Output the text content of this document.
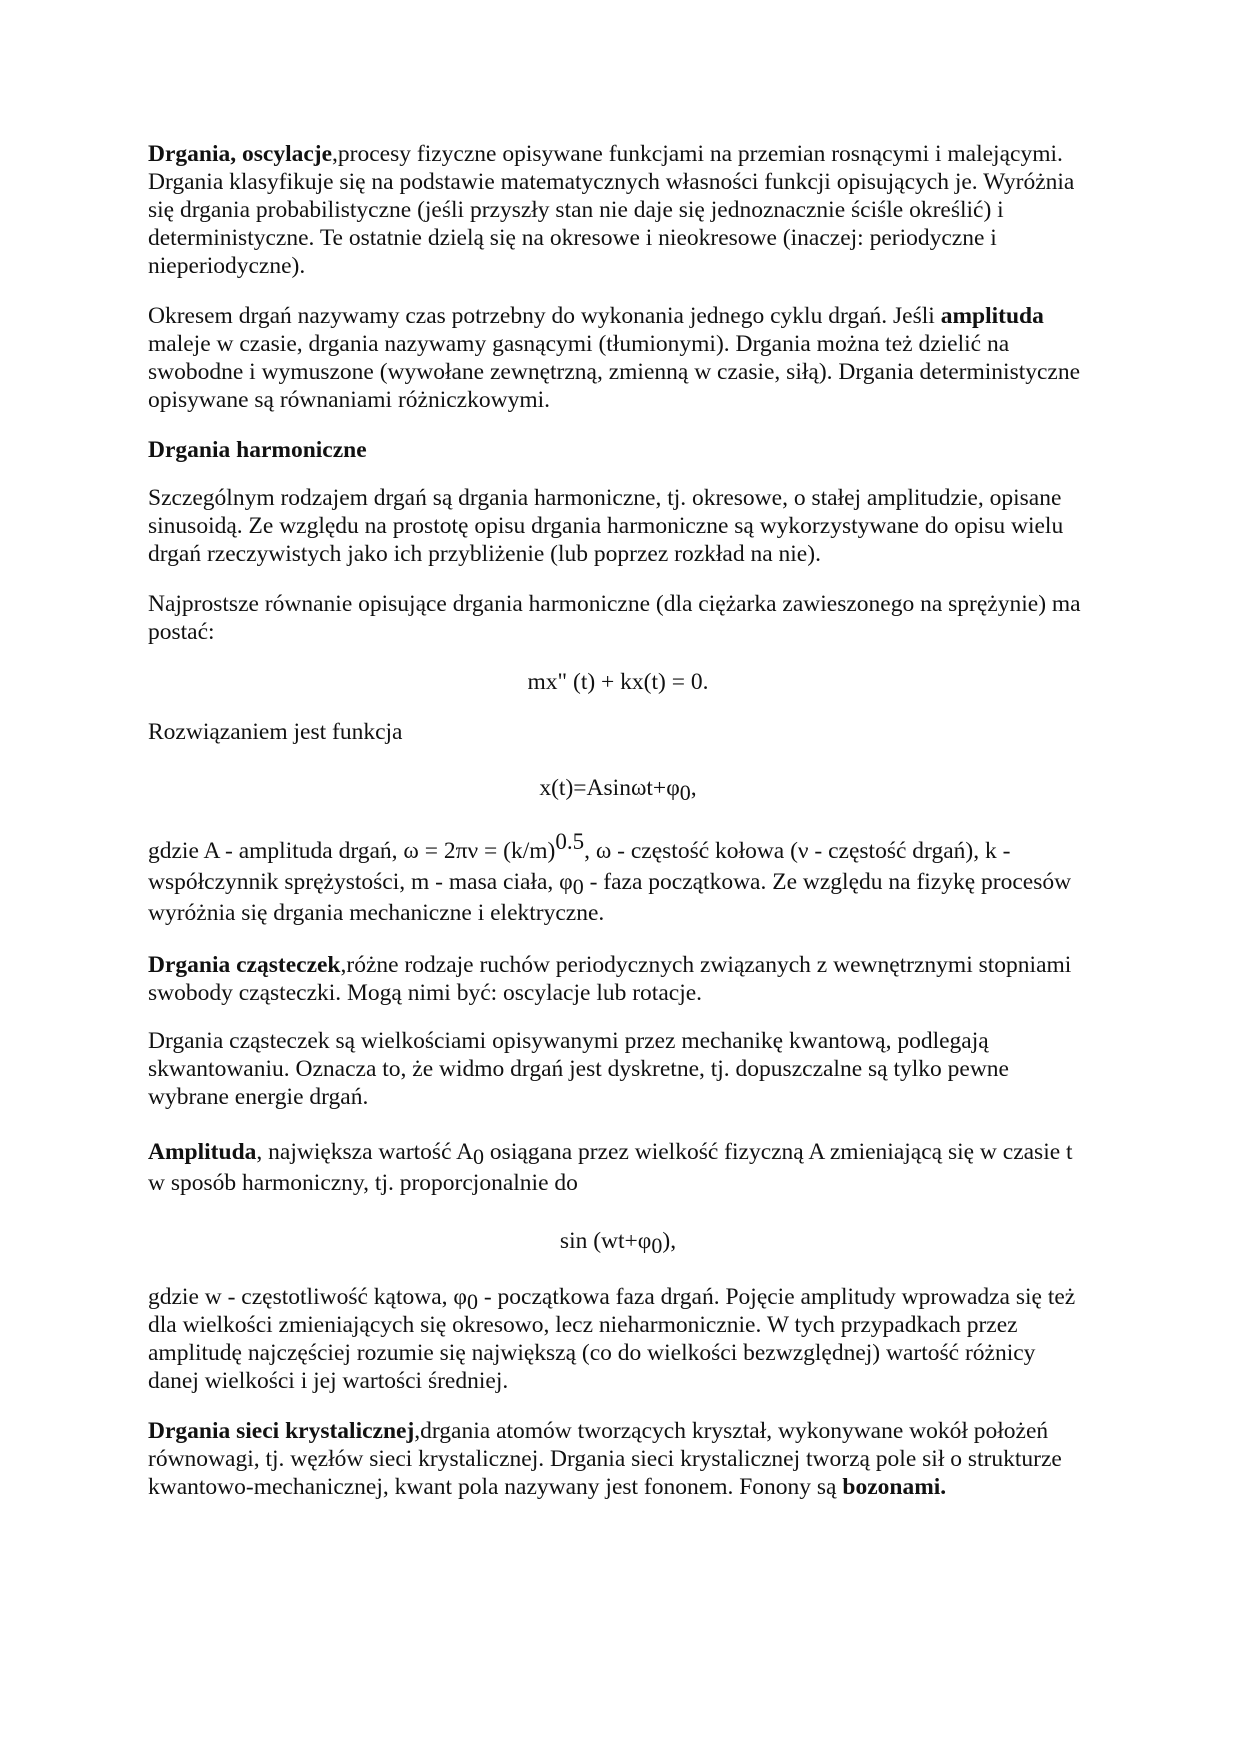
Drgania, oscylacje,procesy fizyczne opisywane funkcjami na przemian rosnącymi i malejącymi. Drgania klasyfikuje się na podstawie matematycznych własności funkcji opisujących je. Wyróżnia się drgania probabilistyczne (jeśli przyszły stan nie daje się jednoznacznie ściśle określić) i deterministyczne. Te ostatnie dzielą się na okresowe i nieokresowe (inaczej: periodyczne i nieperiodyczne).

Okresem drgań nazywamy czas potrzebny do wykonania jednego cyklu drgań. Jeśli amplituda maleje w czasie, drgania nazywamy gasnącymi (tłumionymi). Drgania można też dzielić na swobodne i wymuszone (wywołane zewnętrzną, zmienną w czasie, siłą). Drgania deterministyczne opisywane są równaniami różniczkowymi.

Drgania harmoniczne

Szczególnym rodzajem drgań są drgania harmoniczne, tj. okresowe, o stałej amplitudzie, opisane sinusoidą. Ze względu na prostotę opisu drgania harmoniczne są wykorzystywane do opisu wielu drgań rzeczywistych jako ich przybliżenie (lub poprzez rozkład na nie).

Najprostsze równanie opisujące drgania harmoniczne (dla ciężarka zawieszonego na sprężynie) ma postać:

mx" (t) + kx(t) = 0.

Rozwiązaniem jest funkcja

$x(t)=Asin\omega t+\varphi_0$,

gdzie A - amplituda drgań, $\omega = 2\pi\nu = (k/m)^{0.5}$, ω - częstość kołowa (ν - częstość drgań), k - współczynnik sprężystości, m - masa ciała, $\varphi_0$ - faza początkowa. Ze względu na fizykę procesów wyróżnia się drgania mechaniczne i elektryczne.

Drgania cząsteczek,różne rodzaje ruchów periodycznych związanych z wewnętrznymi stopniami swobody cząsteczki. Mogą nimi być: oscylacje lub rotacje.

Drgania cząsteczek są wielkościami opisywanymi przez mechanikę kwantową, podlegają skwantowaniu. Oznacza to, że widmo drgań jest dyskretne, tj. dopuszczalne są tylko pewne wybrane energie drgań.

Amplituda, największa wartość $A_0$ osiągana przez wielkość fizyczną A zmieniającą się w czasie t w sposób harmoniczny, tj. proporcjonalnie do

$\sin (wt+\varphi_0)$,

gdzie w - częstotliwość kątowa, $\varphi_0$ - początkowa faza drgań. Pojęcie amplitudy wprowadza się też dla wielkości zmieniających się okresowo, lecz nieharmonicznie. W tych przypadkach przez amplitudę najczęściej rozumie się największą (co do wielkości bezwzględnej) wartość różnicy danej wielkości i jej wartości średniej.

Drgania sieci krystalicznej,drgania atomów tworzących kryształ, wykonywane wokół położeń równowagi, tj. węzłów sieci krystalicznej. Drgania sieci krystalicznej tworzą pole sił o strukturze kwantowo-mechanicznej, kwant pola nazywany jest fononem. Fonony są bozonami.
